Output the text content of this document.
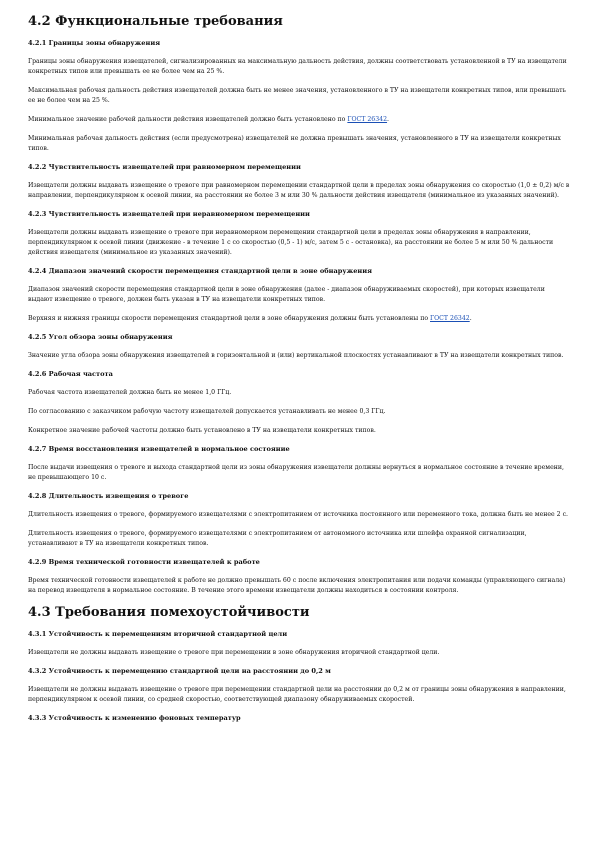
4.2 Функциональные требования
4.2.1 Границы зоны обнаружения

Границы зоны обнаружения извещателей, сигнализированных на максимальную дальность действия, должны соответствовать установленной в ТУ на извещатели конкретных типов или превышать ее не более чем на 25 %.

Максимальная рабочая дальность действия извещателей должна быть не менее значения, установленного в ТУ на извещатели конкретных типов, или превышать ее не более чем на 25 %.

Минимальное значение рабочей дальности действия извещателей должно быть установлено по ГОСТ 26342.

Минимальная рабочая дальность действия (если предусмотрена) извещателей не должна превышать значения, установленного в ТУ на извещатели конкретных типов.

4.2.2 Чувствительность извещателей при равномерном перемещении

Извещатели должны выдавать извещение о тревоге при равномерном перемещении стандартной цели в пределах зоны обнаружения со скоростью (1,0 ± 0,2) м/с в направлении, перпендикулярном к осевой линии, на расстоянии не более 3 м или 30 % дальности действия извещателя (минимальное из указанных значений).

4.2.3 Чувствительность извещателей при неравномерном перемещении

Извещатели должны выдавать извещение о тревоге при неравномерном перемещении стандартной цели в пределах зоны обнаружения в направлении, перпендикулярном к осевой линии (движение - в течение 1 с со скоростью (0,5 - 1) м/с, затем 5 с - остановка), на расстоянии не более 5 м или 50 % дальности действия извещателя (минимальное из указанных значений).

4.2.4 Диапазон значений скорости перемещения стандартной цели в зоне обнаружения

Диапазон значений скорости перемещения стандартной цели в зоне обнаружения (далее - диапазон обнаруживаемых скоростей), при которых извещатели выдают извещение о тревоге, должен быть указан в ТУ на извещатели конкретных типов.

Верхняя и нижняя границы скорости перемещения стандартной цели в зоне обнаружения должны быть установлены по ГОСТ 26342.

4.2.5 Угол обзора зоны обнаружения

Значение угла обзора зоны обнаружения извещателей в горизонтальной и (или) вертикальной плоскостях устанавливают в ТУ на извещатели конкретных типов.

4.2.6 Рабочая частота

Рабочая частота извещателей должна быть не менее 1,0 ГГц.

По согласованию с заказчиком рабочую частоту извещателей допускается устанавливать не менее 0,3 ГГц.

Конкретное значение рабочей частоты должно быть установлено в ТУ на извещатели конкретных типов.

4.2.7 Время восстановления извещателей в нормальное состояние

После выдачи извещения о тревоге и выхода стандартной цели из зоны обнаружения извещатели должны вернуться в нормальное состояние в течение времени, не превышающего 10 с.

4.2.8 Длительность извещения о тревоге

Длительность извещения о тревоге, формируемого извещателями с электропитанием от источника постоянного или переменного тока, должна быть не менее 2 с.

Длительность извещения о тревоге, формируемого извещателями с электропитанием от автономного источника или шлейфа охранной сигнализации, устанавливают в ТУ на извещатели конкретных типов.

4.2.9 Время технической готовности извещателей к работе

Время технической готовности извещателей к работе не должно превышать 60 с после включения электропитания или подачи команды (управляющего сигнала) на перевод извещателя в нормальное состояние. В течение этого времени извещатели должны находиться в состоянии контроля.

4.3 Требования помехоустойчивости
4.3.1 Устойчивость к перемещениям вторичной стандартной цели

Извещатели не должны выдавать извещение о тревоге при перемещении в зоне обнаружения вторичной стандартной цели.

4.3.2 Устойчивость к перемещению стандартной цели на расстоянии до 0,2 м

Извещатели не должны выдавать извещение о тревоге при перемещении стандартной цели на расстоянии до 0,2 м от границы зоны обнаружения в направлении, перпендикулярном к осевой линии, со средней скоростью, соответствующей диапазону обнаруживаемых скоростей.

4.3.3 Устойчивость к изменению фоновых температур
